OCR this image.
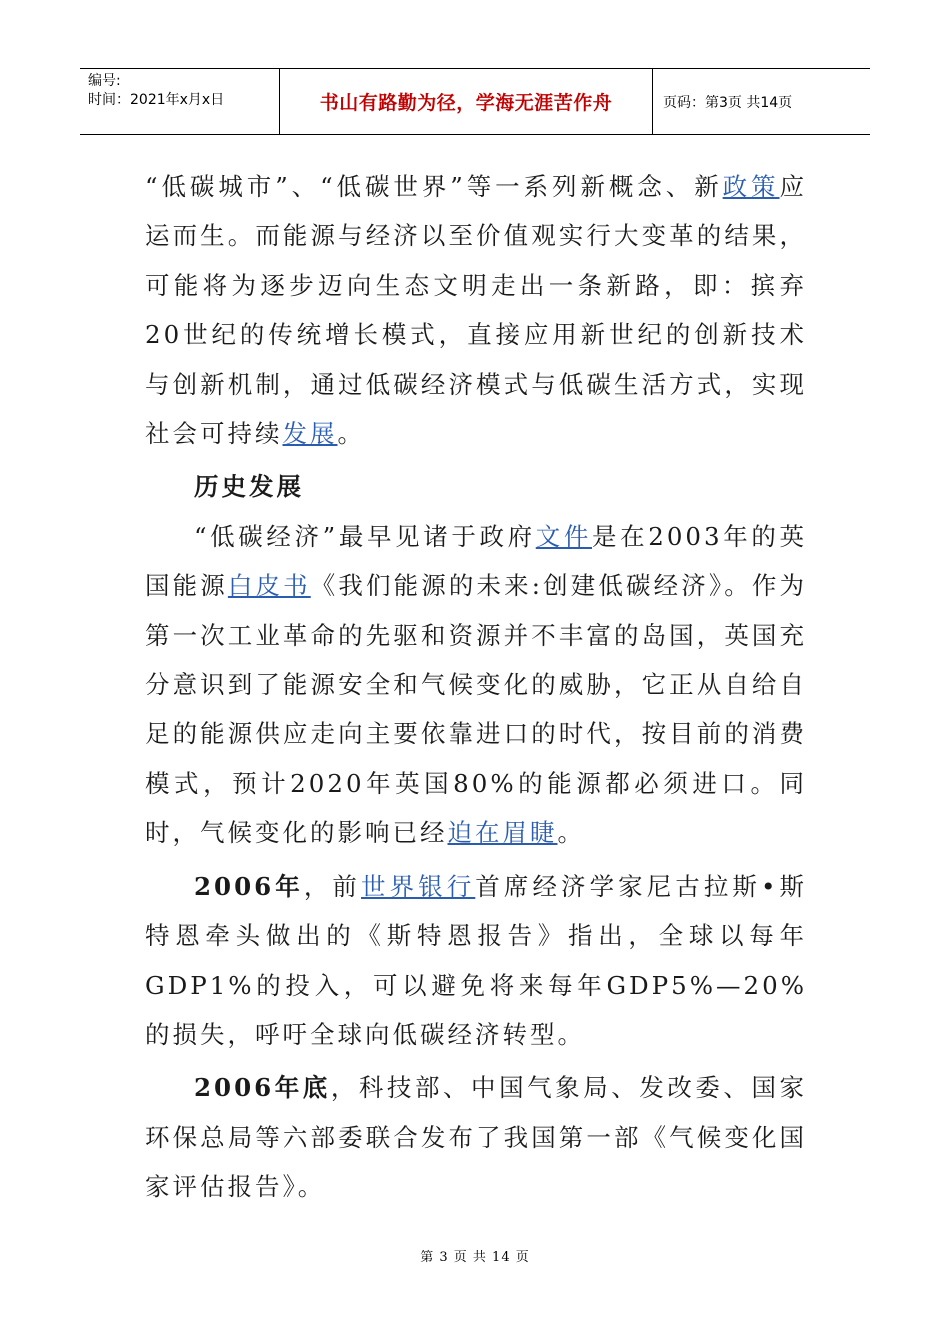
编号:
时间：2021年x月x日	书山有路勤为径，学海无涯苦作舟	页码：第3页 共14页

“低碳城市”、“低碳世界”等一系列新概念、新政策应运而生。而能源与经济以至价值观实行大变革的结果，可能将为逐步迈向生态文明走出一条新路，即：摈弃20世纪的传统增长模式，直接应用新世纪的创新技术与创新机制，通过低碳经济模式与低碳生活方式，实现社会可持续发展。

历史发展

“低碳经济”最早见诸于政府文件是在2003年的英国能源白皮书《我们能源的未来:创建低碳经济》。作为第一次工业革命的先驱和资源并不丰富的岛国，英国充分意识到了能源安全和气候变化的威胁，它正从自给自足的能源供应走向主要依靠进口的时代，按目前的消费模式，预计2020年英国80%的能源都必须进口。同时，气候变化的影响已经迫在眉睫。

2006年，前世界银行首席经济学家尼古拉斯•斯特恩牵头做出的《斯特恩报告》指出，全球以每年GDP1%的投入，可以避免将来每年GDP5%—20%的损失，呼吁全球向低碳经济转型。

2006年底，科技部、中国气象局、发改委、国家环保总局等六部委联合发布了我国第一部《气候变化国家评估报告》。

第 3 页 共 14 页
